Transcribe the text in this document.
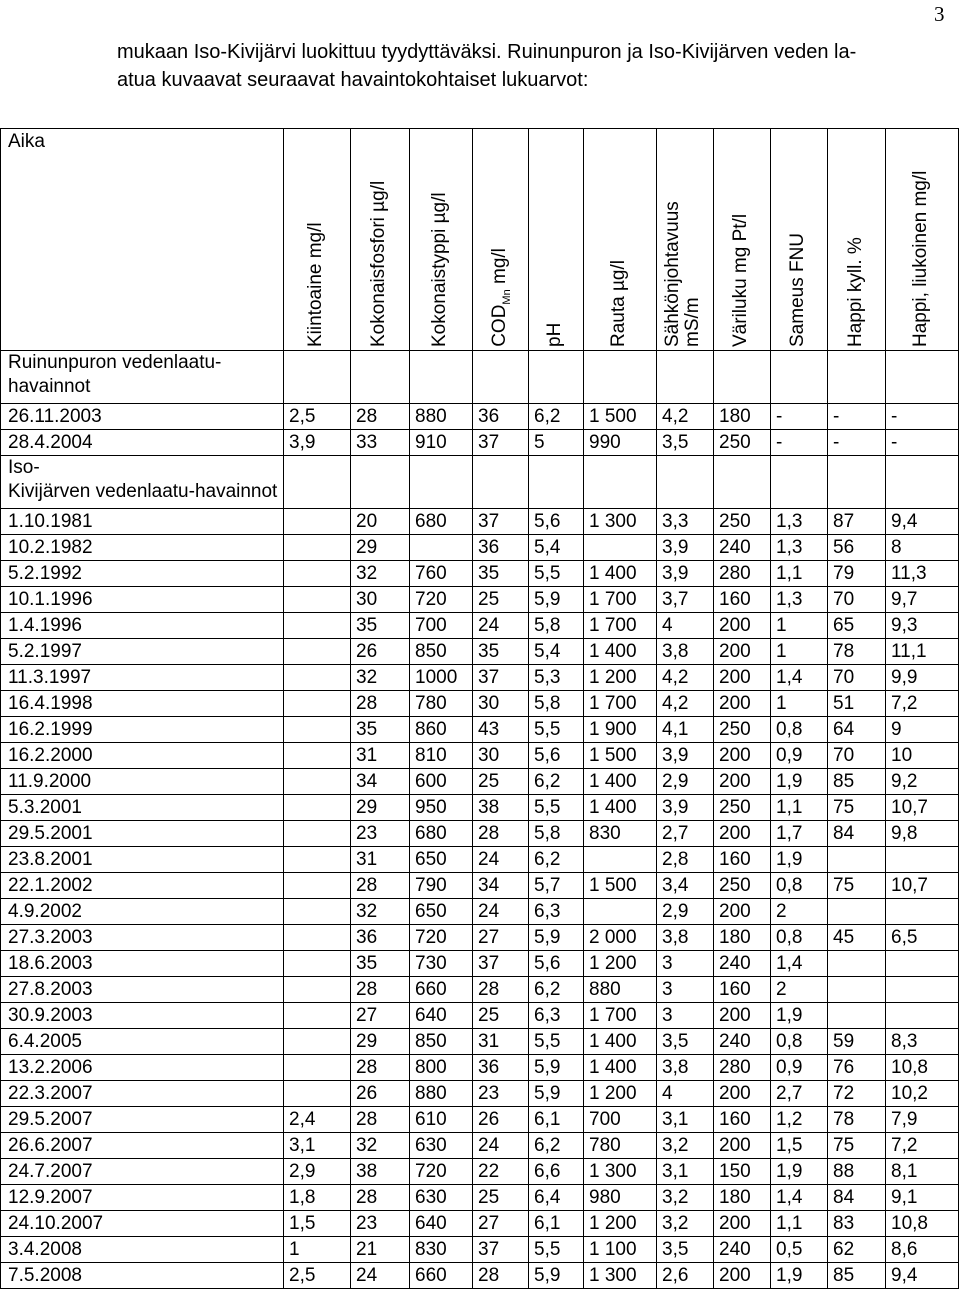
3
mukaan Iso-Kivijärvi luokittuu tyydyttäväksi. Ruinunpuron ja Iso-Kivijärven veden la-
atua kuvaavat seuraavat havaintokohtaiset lukuarvot:
Aika	Kiintoaine mg/l	Kokonaisfosfori µg/l	Kokonaistyppi µg/l	$COD_{Mn}$ mg/l	pH	Rauta µg/l	Sähkönjohtavuus mS/m	Väriluku mg Pt/l	Sameus FNU	Happi kyll. %	Happi, liukoinen mg/l

Ruinunpuron vedenlaatu-
havainnot											
26.11.2003	2,5	28	880	36	6,2	1 500	4,2	180	-	-	-
28.4.2004	3,9	33	910	37	5	990	3,5	250	-	-	-
Iso-
Kivijärven vedenlaatu-havainnot											
1.10.1981		20	680	37	5,6	1 300	3,3	250	1,3	87	9,4
10.2.1982		29		36	5,4		3,9	240	1,3	56	8
5.2.1992		32	760	35	5,5	1 400	3,9	280	1,1	79	11,3
10.1.1996		30	720	25	5,9	1 700	3,7	160	1,3	70	9,7
1.4.1996		35	700	24	5,8	1 700	4	200	1	65	9,3
5.2.1997		26	850	35	5,4	1 400	3,8	200	1	78	11,1
11.3.1997		32	1000	37	5,3	1 200	4,2	200	1,4	70	9,9
16.4.1998		28	780	30	5,8	1 700	4,2	200	1	51	7,2
16.2.1999		35	860	43	5,5	1 900	4,1	250	0,8	64	9
16.2.2000		31	810	30	5,6	1 500	3,9	200	0,9	70	10
11.9.2000		34	600	25	6,2	1 400	2,9	200	1,9	85	9,2
5.3.2001		29	950	38	5,5	1 400	3,9	250	1,1	75	10,7
29.5.2001		23	680	28	5,8	830	2,7	200	1,7	84	9,8
23.8.2001		31	650	24	6,2		2,8	160	1,9		
22.1.2002		28	790	34	5,7	1 500	3,4	250	0,8	75	10,7
4.9.2002		32	650	24	6,3		2,9	200	2		
27.3.2003		36	720	27	5,9	2 000	3,8	180	0,8	45	6,5
18.6.2003		35	730	37	5,6	1 200	3	240	1,4		
27.8.2003		28	660	28	6,2	880	3	160	2		
30.9.2003		27	640	25	6,3	1 700	3	200	1,9		
6.4.2005		29	850	31	5,5	1 400	3,5	240	0,8	59	8,3
13.2.2006		28	800	36	5,9	1 400	3,8	280	0,9	76	10,8
22.3.2007		26	880	23	5,9	1 200	4	200	2,7	72	10,2
29.5.2007	2,4	28	610	26	6,1	700	3,1	160	1,2	78	7,9
26.6.2007	3,1	32	630	24	6,2	780	3,2	200	1,5	75	7,2
24.7.2007	2,9	38	720	22	6,6	1 300	3,1	150	1,9	88	8,1
12.9.2007	1,8	28	630	25	6,4	980	3,2	180	1,4	84	9,1
24.10.2007	1,5	23	640	27	6,1	1 200	3,2	200	1,1	83	10,8
3.4.2008	1	21	830	37	5,5	1 100	3,5	240	0,5	62	8,6
7.5.2008	2,5	24	660	28	5,9	1 300	2,6	200	1,9	85	9,4
